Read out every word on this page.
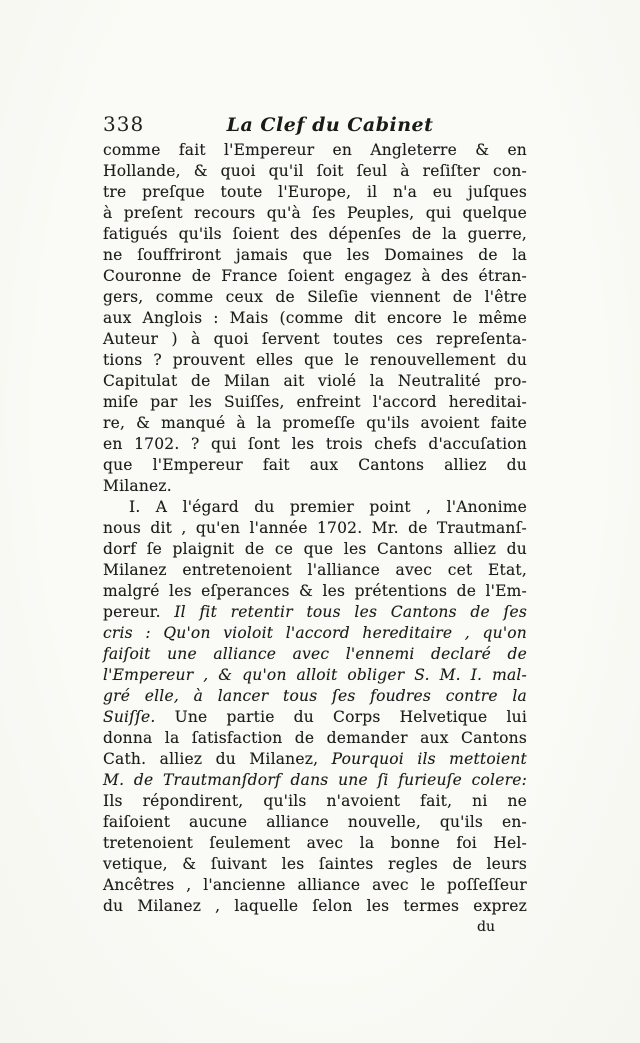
338	La Clef du Cabinet
comme fait l'Empereur en Angleterre & en
Hollande, & quoi qu'il ſoit ſeul à reſiſter con-
tre preſque toute l'Europe, il n'a eu juſques
à preſent recours qu'à ſes Peuples, qui quelque
fatigués qu'ils ſoient des dépenſes de la guerre,
ne ſouffriront jamais que les Domaines de la
Couronne de France ſoient engagez à des étran-
gers, comme ceux de Sileſie viennent de l'être
aux Anglois : Mais (comme dit encore le même
Auteur ) à quoi ſervent toutes ces repreſenta-
tions ? prouvent elles que le renouvellement du
Capitulat de Milan ait violé la Neutralité pro-
miſe par les Suiſſes, enfreint l'accord hereditai-
re, & manqué à la promeſſe qu'ils avoient faite
en 1702. ? qui ſont les trois chefs d'accuſation
que l'Empereur fait aux Cantons alliez du
Milanez.
I. A l'égard du premier point , l'Anonime
nous dit , qu'en l'année 1702. Mr. de Trautmanſ-
dorf ſe plaignit de ce que les Cantons alliez du
Milanez entretenoient l'alliance avec cet Etat,
malgré les eſperances & les prétentions de l'Em-
pereur. Il fit retentir tous les Cantons de ſes
cris : Qu'on violoit l'accord hereditaire , qu'on
faiſoit une alliance avec l'ennemi declaré de
l'Empereur , & qu'on alloit obliger S. M. I. mal-
gré elle, à lancer tous ſes foudres contre la
Suiſſe. Une partie du Corps Helvetique lui
donna la ſatisfaction de demander aux Cantons
Cath. alliez du Milanez, Pourquoi ils mettoient
M. de Trautmanſdorf dans une ſi furieuſe colere:
Ils répondirent, qu'ils n'avoient fait, ni ne
faiſoient aucune alliance nouvelle, qu'ils en-
tretenoient ſeulement avec la bonne foi Hel-
vetique, & ſuivant les ſaintes regles de leurs
Ancêtres , l'ancienne alliance avec le poſſeſſeur
du Milanez , laquelle ſelon les termes exprez
du
